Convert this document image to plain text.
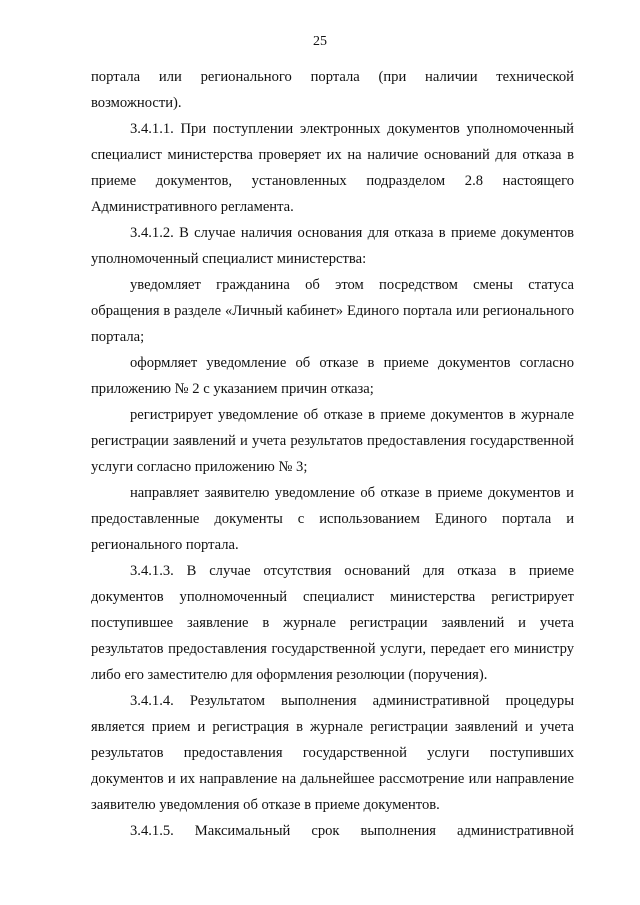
25

портала или регионального портала (при наличии технической возможности).

3.4.1.1. При поступлении электронных документов уполномоченный специалист министерства проверяет их на наличие оснований для отказа в приеме документов, установленных подразделом 2.8 настоящего Административного регламента.

3.4.1.2. В случае наличия основания для отказа в приеме документов уполномоченный специалист министерства:

уведомляет гражданина об этом посредством смены статуса обращения в разделе «Личный кабинет» Единого портала или регионального портала;

оформляет уведомление об отказе в приеме документов согласно приложению № 2 с указанием причин отказа;

регистрирует уведомление об отказе в приеме документов в журнале регистрации заявлений и учета результатов предоставления государственной услуги согласно приложению № 3;

направляет заявителю уведомление об отказе в приеме документов и предоставленные документы с использованием Единого портала и регионального портала.

3.4.1.3. В случае отсутствия оснований для отказа в приеме документов уполномоченный специалист министерства регистрирует поступившее заявление в журнале регистрации заявлений и учета результатов предоставления государственной услуги, передает его министру либо его заместителю для оформления резолюции (поручения).

3.4.1.4. Результатом выполнения административной процедуры является прием и регистрация в журнале регистрации заявлений и учета результатов предоставления государственной услуги поступивших документов и их направление на дальнейшее рассмотрение или направление заявителю уведомления об отказе в приеме документов.

3.4.1.5. Максимальный срок выполнения административной
